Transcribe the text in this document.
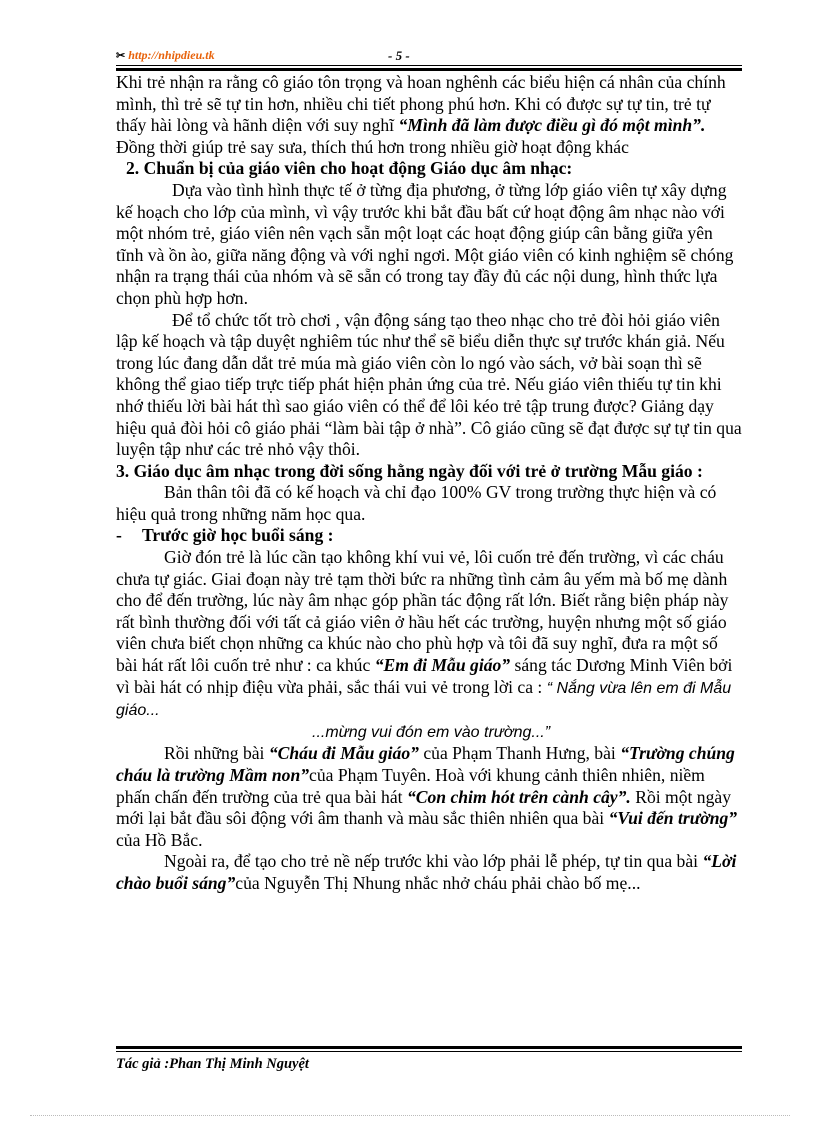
✂ http://nhipdieu.tk	- 5 -

Khi trẻ nhận ra rằng cô giáo tôn trọng và hoan nghênh các biểu hiện cá nhân của chính mình, thì trẻ sẽ tự tin hơn, nhiều chi tiết phong phú hơn. Khi có được sự tự tin, trẻ tự thấy hài lòng và hãnh diện với suy nghĩ “Mình đã làm được điều gì đó một mình”. Đồng thời giúp trẻ say sưa, thích thú hơn trong nhiều giờ hoạt động khác

2. Chuẩn bị của giáo viên cho hoạt động Giáo dục âm nhạc:

Dựa vào tình hình thực tế ở từng địa phương, ở từng lớp giáo viên tự xây dựng kế hoạch cho lớp của mình, vì vậy trước khi bắt đầu bất cứ hoạt động âm nhạc nào với một nhóm trẻ, giáo viên nên vạch sẵn một loạt các hoạt động giúp cân bằng giữa yên tĩnh và ồn ào, giữa năng động và với nghỉ ngơi. Một giáo viên có kinh nghiệm sẽ chóng nhận ra trạng thái của nhóm và sẽ sẵn có trong tay đầy đủ các nội dung, hình thức lựa chọn phù hợp hơn.

Để tổ chức tốt trò chơi , vận động sáng tạo theo nhạc cho trẻ đòi hỏi giáo viên lập kế hoạch và tập duyệt nghiêm túc như thể sẽ biểu diễn thực sự trước khán giả. Nếu trong lúc đang dẫn dắt trẻ múa mà giáo viên còn lo ngó vào sách, vở bài soạn thì sẽ không thể giao tiếp trực tiếp phát hiện phản ứng của trẻ. Nếu giáo viên thiếu tự tin khi nhớ thiếu lời bài hát thì sao giáo viên có thể để lôi kéo trẻ tập trung được? Giảng dạy hiệu quả đòi hỏi cô giáo phải “làm bài tập ở nhà”. Cô giáo cũng sẽ đạt được sự tự tin qua luyện tập như các trẻ nhỏ vậy thôi.

3. Giáo dục âm nhạc trong đời sống hằng ngày đối với trẻ ở trường Mẫu giáo :

Bản thân tôi đã có kế hoạch và chỉ đạo 100% GV trong trường thực hiện và có hiệu quả trong những năm học qua.

- Trước giờ học buổi sáng :

Giờ đón trẻ là lúc cần tạo không khí vui vẻ, lôi cuốn trẻ đến trường, vì các cháu chưa tự giác. Giai đoạn này trẻ tạm thời bức ra những tình cảm âu yếm mà bố mẹ dành cho để đến trường, lúc này âm nhạc góp phần tác động rất lớn. Biết rằng biện pháp này rất bình thường đối với tất cả giáo viên ở hầu hết các trường, huyện nhưng một số giáo viên chưa biết chọn những ca khúc nào cho phù hợp và tôi đã suy nghĩ, đưa ra một số bài hát rất lôi cuốn trẻ như : ca khúc “Em đi Mẫu giáo” sáng tác Dương Minh Viên bởi vì bài hát có nhịp điệu vừa phải, sắc thái vui vẻ trong lời ca : “ Nắng vừa lên em đi Mẫu giáo...

...mừng vui đón em vào trường...”

Rồi những bài “Cháu đi Mẫu giáo” của Phạm Thanh Hưng, bài “Trường chúng cháu là trường Mầm non”của Phạm Tuyên. Hoà với khung cảnh thiên nhiên, niềm phấn chấn đến trường của trẻ qua bài hát “Con chim hót trên cành cây”. Rồi một ngày mới lại bắt đầu sôi động với âm thanh và màu sắc thiên nhiên qua bài “Vui đến trường” của Hồ Bắc.

Ngoài ra, để tạo cho trẻ nề nếp trước khi vào lớp phải lễ phép, tự tin qua bài “Lời chào buổi sáng”của Nguyễn Thị Nhung nhắc nhở cháu phải chào bố mẹ...

Tác giả :Phan Thị Minh Nguyệt
